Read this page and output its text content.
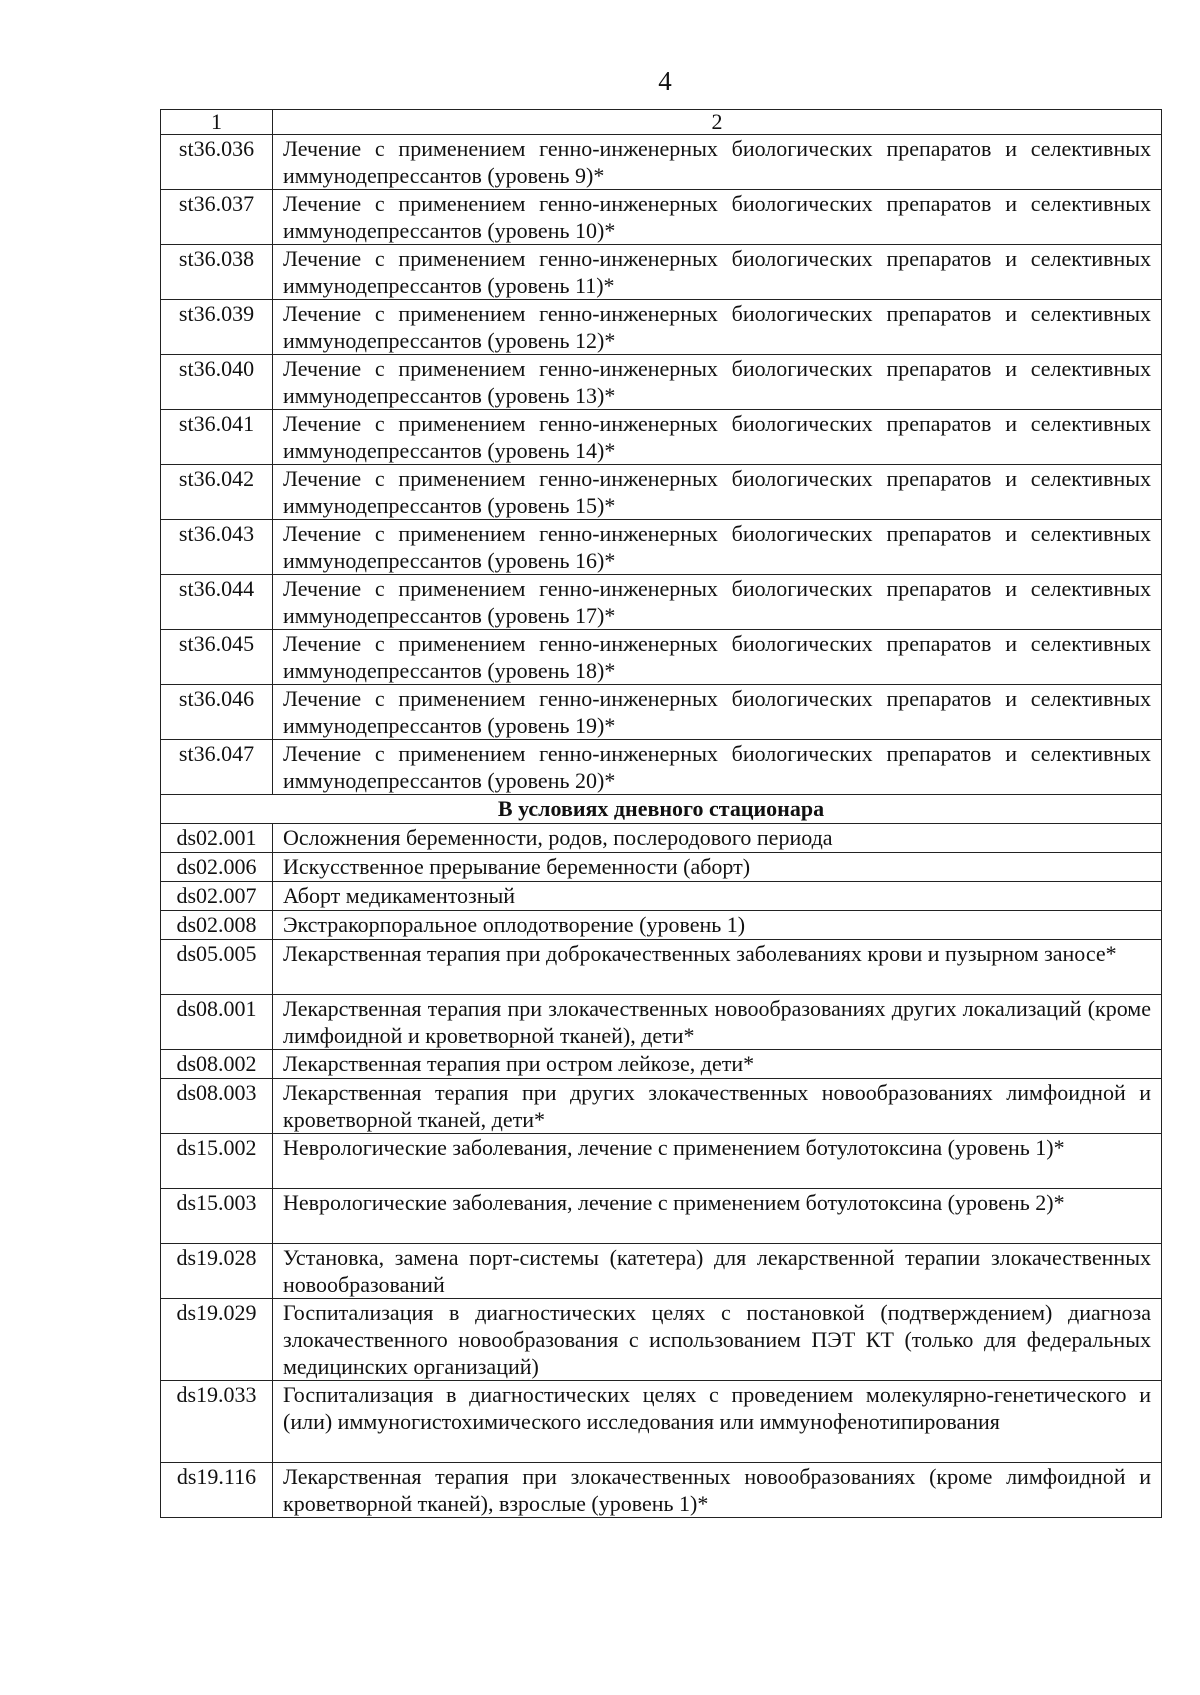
4
1	2
st36.036	Лечение с применением генно-инженерных биологических препаратов и селективных иммунодепрессантов (уровень 9)*
st36.037	Лечение с применением генно-инженерных биологических препаратов и селективных иммунодепрессантов (уровень 10)*
st36.038	Лечение с применением генно-инженерных биологических препаратов и селективных иммунодепрессантов (уровень 11)*
st36.039	Лечение с применением генно-инженерных биологических препаратов и селективных иммунодепрессантов (уровень 12)*
st36.040	Лечение с применением генно-инженерных биологических препаратов и селективных иммунодепрессантов (уровень 13)*
st36.041	Лечение с применением генно-инженерных биологических препаратов и селективных иммунодепрессантов (уровень 14)*
st36.042	Лечение с применением генно-инженерных биологических препаратов и селективных иммунодепрессантов (уровень 15)*
st36.043	Лечение с применением генно-инженерных биологических препаратов и селективных иммунодепрессантов (уровень 16)*
st36.044	Лечение с применением генно-инженерных биологических препаратов и селективных иммунодепрессантов (уровень 17)*
st36.045	Лечение с применением генно-инженерных биологических препаратов и селективных иммунодепрессантов (уровень 18)*
st36.046	Лечение с применением генно-инженерных биологических препаратов и селективных иммунодепрессантов (уровень 19)*
st36.047	Лечение с применением генно-инженерных биологических препаратов и селективных иммунодепрессантов (уровень 20)*
В условиях дневного стационара	
ds02.001	Осложнения беременности, родов, послеродового периода
ds02.006	Искусственное прерывание беременности (аборт)
ds02.007	Аборт медикаментозный
ds02.008	Экстракорпоральное оплодотворение (уровень 1)
ds05.005	Лекарственная терапия при доброкачественных заболеваниях крови и пузырном заносе*
ds08.001	Лекарственная терапия при злокачественных новообразованиях других локализаций (кроме лимфоидной и кроветворной тканей), дети*
ds08.002	Лекарственная терапия при остром лейкозе, дети*
ds08.003	Лекарственная терапия при других злокачественных новообразованиях лимфоидной и кроветворной тканей, дети*
ds15.002	Неврологические заболевания, лечение с применением ботулотоксина (уровень 1)*
ds15.003	Неврологические заболевания, лечение с применением ботулотоксина (уровень 2)*
ds19.028	Установка, замена порт-системы (катетера) для лекарственной терапии злокачественных новообразований
ds19.029	Госпитализация в диагностических целях с постановкой (подтверждением) диагноза злокачественного новообразования с использованием ПЭТ КТ (только для федеральных медицинских организаций)
ds19.033	Госпитализация в диагностических целях с проведением молекулярно-генетического и (или) иммуногистохимического исследования или иммунофенотипирования
ds19.116	Лекарственная терапия при злокачественных новообразованиях (кроме лимфоидной и кроветворной тканей), взрослые (уровень 1)*
